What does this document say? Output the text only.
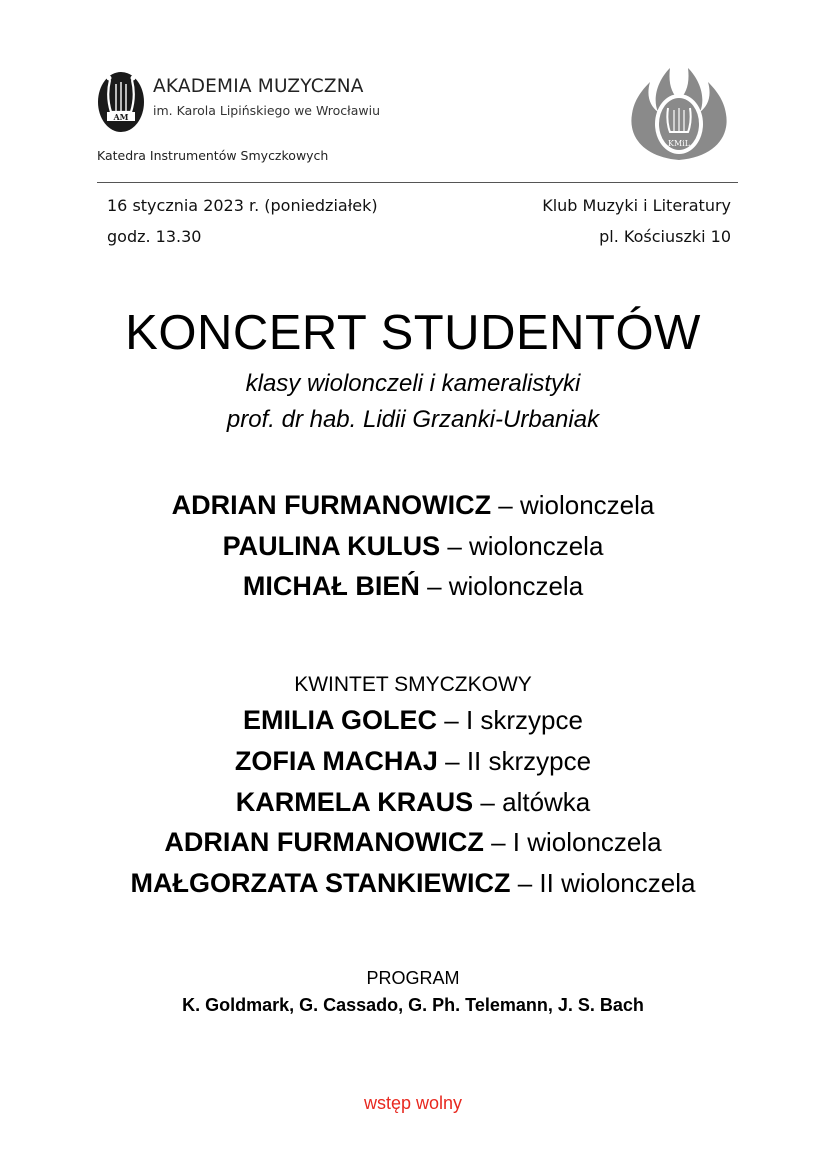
AM
AKADEMIA MUZYCZNA
im. Karola Lipińskiego we Wrocławiu
Katedra Instrumentów Smyczkowych
W
KMiL
16 stycznia 2023 r. (poniedziałek)
godz. 13.30
Klub Muzyki i Literatury
pl. Kościuszki 10
KONCERT STUDENTÓW
klasy wiolonczeli i kameralistyki
prof. dr hab. Lidii Grzanki-Urbaniak
ADRIAN FURMANOWICZ – wiolonczela
PAULINA KULUS – wiolonczela
MICHAŁ BIEŃ – wiolonczela
KWINTET SMYCZKOWY
EMILIA GOLEC – I skrzypce
ZOFIA MACHAJ – II skrzypce
KARMELA KRAUS – altówka
ADRIAN FURMANOWICZ – I wiolonczela
MAŁGORZATA STANKIEWICZ – II wiolonczela
PROGRAM
K. Goldmark, G. Cassado, G. Ph. Telemann, J. S. Bach
wstęp wolny
